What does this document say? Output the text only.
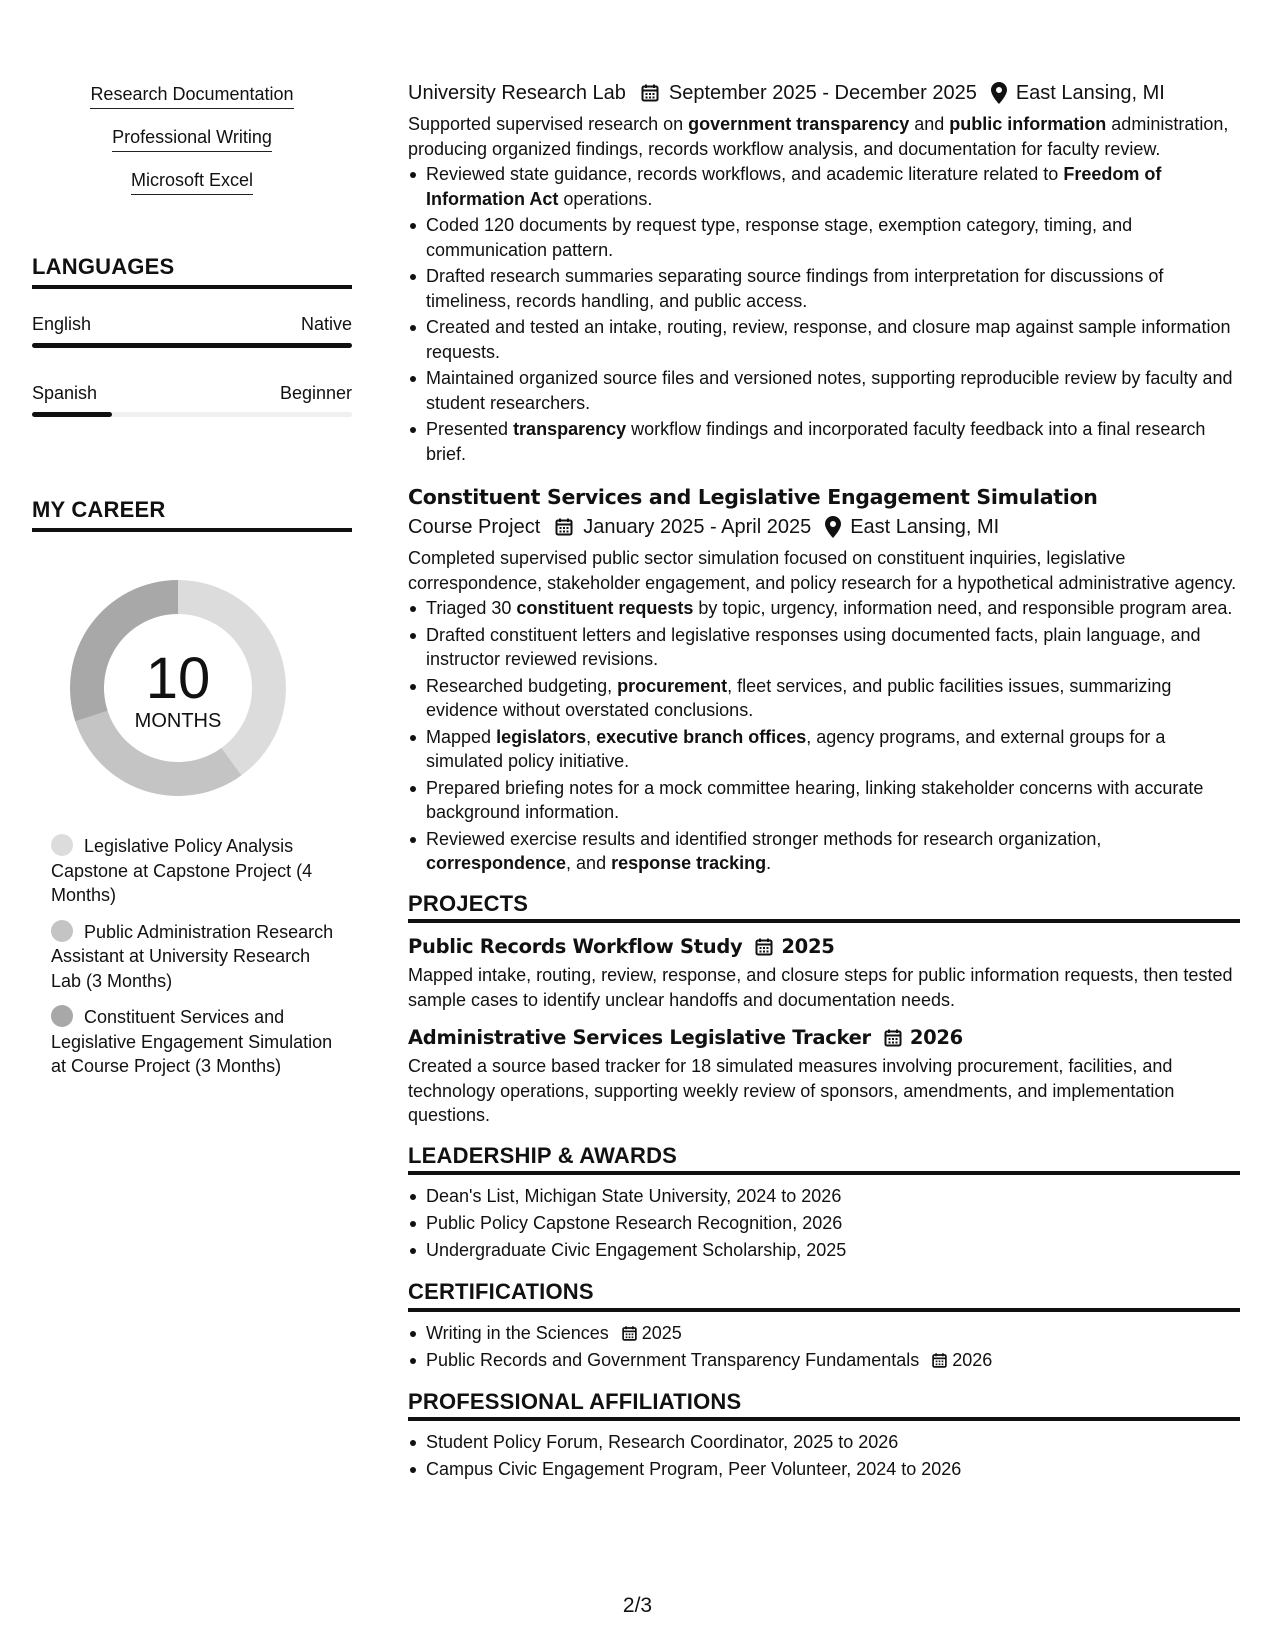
Research Documentation
Professional Writing
Microsoft Excel
LANGUAGES
English	Native
Spanish	Beginner
MY CAREER
10
MONTHS
Legislative Policy Analysis Capstone at Capstone Project (4 Months)
Public Administration Research Assistant at University Research Lab (3 Months)
Constituent Services and Legislative Engagement Simulation at Course Project (3 Months)
University Research Lab September 2025 - December 2025 East Lansing, MI

Supported supervised research on government transparency and public information administration, producing organized findings, records workflow analysis, and documentation for faculty review.

Reviewed state guidance, records workflows, and academic literature related to Freedom of Information Act operations.
Coded 120 documents by request type, response stage, exemption category, timing, and communication pattern.
Drafted research summaries separating source findings from interpretation for discussions of timeliness, records handling, and public access.
Created and tested an intake, routing, review, response, and closure map against sample information requests.
Maintained organized source files and versioned notes, supporting reproducible review by faculty and student researchers.
Presented transparency workflow findings and incorporated faculty feedback into a final research brief.
Constituent Services and Legislative Engagement Simulation
Course Project January 2025 - April 2025 East Lansing, MI

Completed supervised public sector simulation focused on constituent inquiries, legislative correspondence, stakeholder engagement, and policy research for a hypothetical administrative agency.

Triaged 30 constituent requests by topic, urgency, information need, and responsible program area.
Drafted constituent letters and legislative responses using documented facts, plain language, and instructor reviewed revisions.
Researched budgeting, procurement, fleet services, and public facilities issues, summarizing evidence without overstated conclusions.
Mapped legislators, executive branch offices, agency programs, and external groups for a simulated policy initiative.
Prepared briefing notes for a mock committee hearing, linking stakeholder concerns with accurate background information.
Reviewed exercise results and identified stronger methods for research organization, correspondence, and response tracking.
PROJECTS
Public Records Workflow Study 2025

Mapped intake, routing, review, response, and closure steps for public information requests, then tested sample cases to identify unclear handoffs and documentation needs.

Administrative Services Legislative Tracker 2026

Created a source based tracker for 18 simulated measures involving procurement, facilities, and technology operations, supporting weekly review of sponsors, amendments, and implementation questions.

LEADERSHIP & AWARDS
Dean's List, Michigan State University, 2024 to 2026
Public Policy Capstone Research Recognition, 2026
Undergraduate Civic Engagement Scholarship, 2025
CERTIFICATIONS
Writing in the Sciences 2025
Public Records and Government Transparency Fundamentals 2026
PROFESSIONAL AFFILIATIONS
Student Policy Forum, Research Coordinator, 2025 to 2026
Campus Civic Engagement Program, Peer Volunteer, 2024 to 2026
2/3
